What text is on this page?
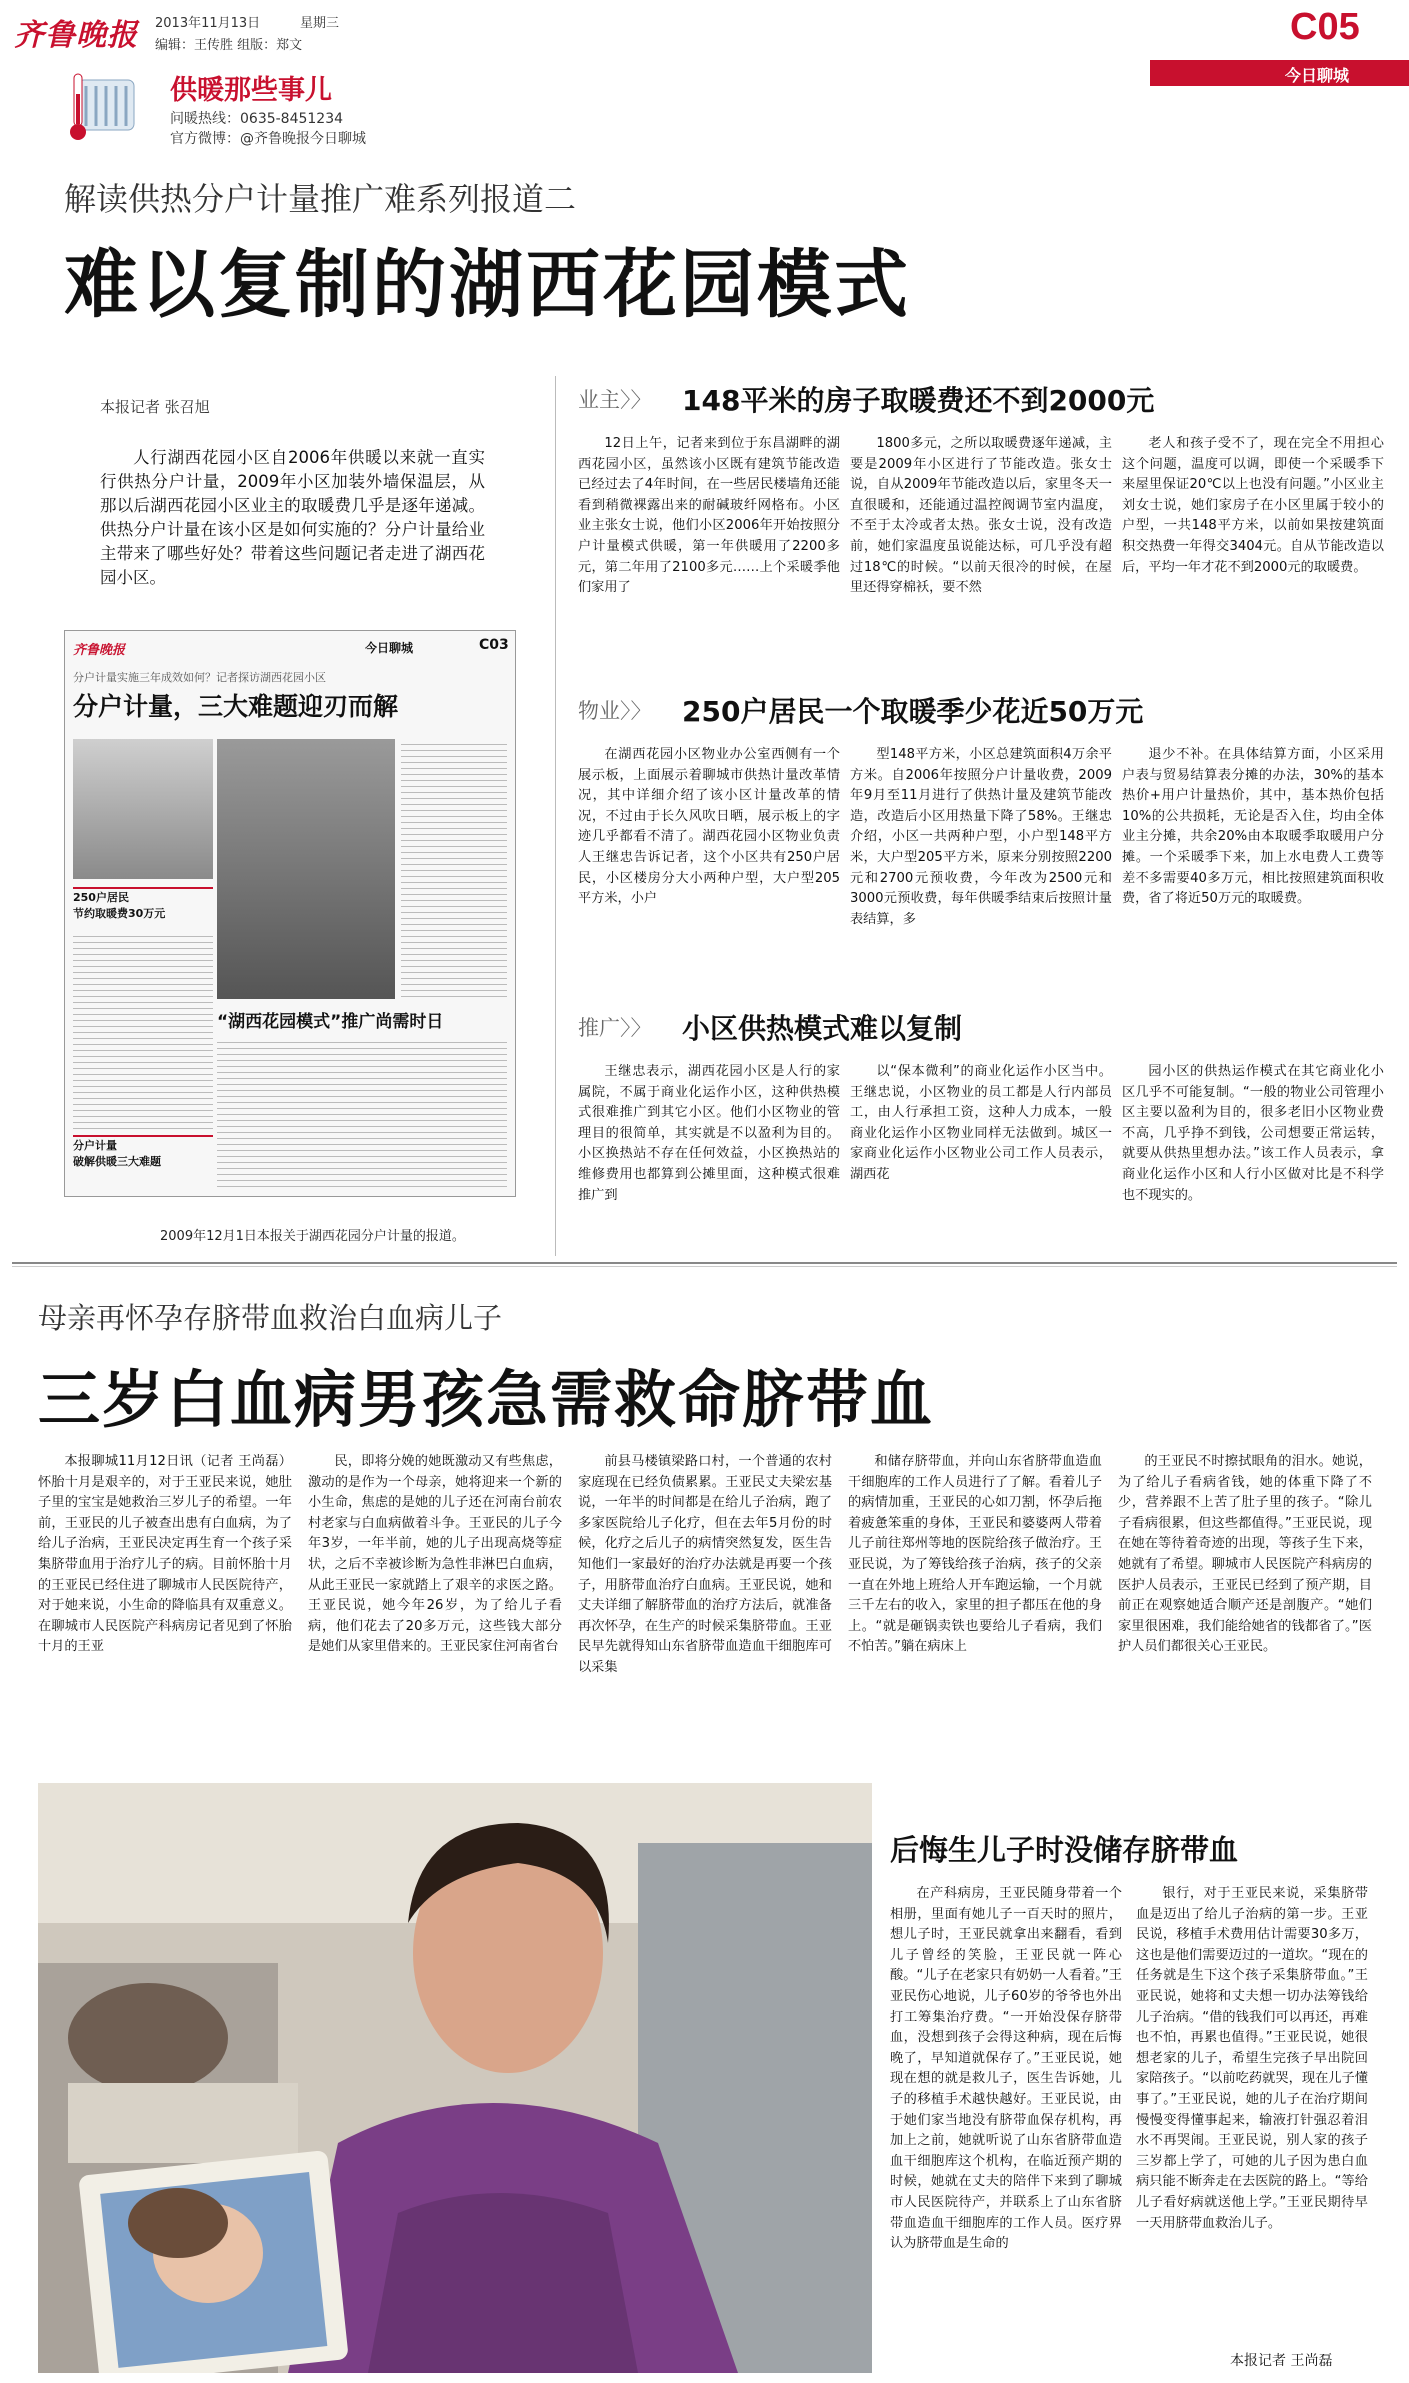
齐鲁晚报 2013年11月13日	星期三
编辑：王传胜 组版：郑文	C05
今日聊城
供暖那些事儿
问暖热线：0635-8451234
官方微博：@齐鲁晚报今日聊城
解读供热分户计量推广难系列报道二
难以复制的湖西花园模式
本报记者 张召旭
人行湖西花园小区自2006年供暖以来就一直实行供热分户计量，2009年小区加装外墙保温层，从那以后湖西花园小区业主的取暖费几乎是逐年递减。供热分户计量在该小区是如何实施的？分户计量给业主带来了哪些好处？带着这些问题记者走进了湖西花园小区。
齐鲁晚报	今日聊城	C03
分户计量实施三年成效如何？记者探访湖西花园小区
分户计量，三大难题迎刃而解
250户居民
节约取暖费30万元
“湖西花园模式”推广尚需时日
分户计量
破解供暖三大难题
2009年12月1日本报关于湖西花园分户计量的报道。
业主〉〉 148平米的房子取暖费还不到2000元
12日上午，记者来到位于东昌湖畔的湖西花园小区，虽然该小区既有建筑节能改造已经过去了4年时间，在一些居民楼墙角还能看到稍微裸露出来的耐碱玻纤网格布。小区业主张女士说，他们小区2006年开始按照分户计量模式供暖，第一年供暖用了2200多元，第二年用了2100多元……上个采暖季他们家用了
1800多元，之所以取暖费逐年递减，主要是2009年小区进行了节能改造。张女士说，自从2009年节能改造以后，家里冬天一直很暖和，还能通过温控阀调节室内温度，不至于太冷或者太热。张女士说，没有改造前，她们家温度虽说能达标，可几乎没有超过18℃的时候。“以前天很冷的时候，在屋里还得穿棉袄，要不然
老人和孩子受不了，现在完全不用担心这个问题，温度可以调，即使一个采暖季下来屋里保证20℃以上也没有问题。”小区业主刘女士说，她们家房子在小区里属于较小的户型，一共148平方米，以前如果按建筑面积交热费一年得交3404元。自从节能改造以后，平均一年才花不到2000元的取暖费。
物业〉〉 250户居民一个取暖季少花近50万元
在湖西花园小区物业办公室西侧有一个展示板，上面展示着聊城市供热计量改革情况，其中详细介绍了该小区计量改革的情况，不过由于长久风吹日晒，展示板上的字迹几乎都看不清了。湖西花园小区物业负责人王继忠告诉记者，这个小区共有250户居民，小区楼房分大小两种户型，大户型205平方米，小户
型148平方米，小区总建筑面积4万余平方米。自2006年按照分户计量收费，2009年9月至11月进行了供热计量及建筑节能改造，改造后小区用热量下降了58%。王继忠介绍，小区一共两种户型，小户型148平方米，大户型205平方米，原来分别按照2200元和2700元预收费，今年改为2500元和3000元预收费，每年供暖季结束后按照计量表结算，多
退少不补。在具体结算方面，小区采用户表与贸易结算表分摊的办法，30%的基本热价+用户计量热价，其中，基本热价包括10%的公共损耗，无论是否入住，均由全体业主分摊，共余20%由本取暖季取暖用户分摊。一个采暖季下来，加上水电费人工费等差不多需要40多万元，相比按照建筑面积收费，省了将近50万元的取暖费。
推广〉〉 小区供热模式难以复制
王继忠表示，湖西花园小区是人行的家属院，不属于商业化运作小区，这种供热模式很难推广到其它小区。他们小区物业的管理目的很简单，其实就是不以盈利为目的。小区换热站不存在任何效益，小区换热站的维修费用也都算到公摊里面，这种模式很难推广到
以“保本微利”的商业化运作小区当中。王继忠说，小区物业的员工都是人行内部员工，由人行承担工资，这种人力成本，一般商业化运作小区物业同样无法做到。城区一家商业化运作小区物业公司工作人员表示，湖西花
园小区的供热运作模式在其它商业化小区几乎不可能复制。“一般的物业公司管理小区主要以盈利为目的，很多老旧小区物业费不高，几乎挣不到钱，公司想要正常运转，就要从供热里想办法。”该工作人员表示，拿商业化运作小区和人行小区做对比是不科学也不现实的。
母亲再怀孕存脐带血救治白血病儿子
三岁白血病男孩急需救命脐带血
本报聊城11月12日讯（记者 王尚磊） 怀胎十月是艰辛的，对于王亚民来说，她肚子里的宝宝是她救治三岁儿子的希望。一年前，王亚民的儿子被查出患有白血病，为了给儿子治病，王亚民决定再生育一个孩子采集脐带血用于治疗儿子的病。目前怀胎十月的王亚民已经住进了聊城市人民医院待产，对于她来说，小生命的降临具有双重意义。在聊城市人民医院产科病房记者见到了怀胎十月的王亚
民，即将分娩的她既激动又有些焦虑，激动的是作为一个母亲，她将迎来一个新的小生命，焦虑的是她的儿子还在河南台前农村老家与白血病做着斗争。王亚民的儿子今年3岁，一年半前，她的儿子出现高烧等症状，之后不幸被诊断为急性非淋巴白血病，从此王亚民一家就踏上了艰辛的求医之路。王亚民说，她今年26岁，为了给儿子看病，他们花去了20多万元，这些钱大部分是她们从家里借来的。王亚民家住河南省台
前县马楼镇梁路口村，一个普通的农村家庭现在已经负债累累。王亚民丈夫梁宏基说，一年半的时间都是在给儿子治病，跑了多家医院给儿子化疗，但在去年5月份的时候，化疗之后儿子的病情突然复发，医生告知他们一家最好的治疗办法就是再要一个孩子，用脐带血治疗白血病。王亚民说，她和丈夫详细了解脐带血的治疗方法后，就准备再次怀孕，在生产的时候采集脐带血。王亚民早先就得知山东省脐带血造血干细胞库可以采集
和储存脐带血，并向山东省脐带血造血干细胞库的工作人员进行了了解。看着儿子的病情加重，王亚民的心如刀割，怀孕后拖着疲惫笨重的身体，王亚民和婆婆两人带着儿子前往郑州等地的医院给孩子做治疗。王亚民说，为了筹钱给孩子治病，孩子的父亲一直在外地上班给人开车跑运输，一个月就三千左右的收入，家里的担子都压在他的身上。“就是砸锅卖铁也要给儿子看病，我们不怕苦。”躺在病床上
的王亚民不时擦拭眼角的泪水。她说，为了给儿子看病省钱，她的体重下降了不少，营养跟不上苦了肚子里的孩子。“除儿子看病很累，但这些都值得。”王亚民说，现在她在等待着奇迹的出现，等孩子生下来，她就有了希望。聊城市人民医院产科病房的医护人员表示，王亚民已经到了预产期，目前正在观察她适合顺产还是剖腹产。“她们家里很困难，我们能给她省的钱都省了。”医护人员们都很关心王亚民。
后悔生儿子时没储存脐带血
在产科病房，王亚民随身带着一个相册，里面有她儿子一百天时的照片，想儿子时，王亚民就拿出来翻看，看到儿子曾经的笑脸，王亚民就一阵心酸。“儿子在老家只有奶奶一人看着。”王亚民伤心地说，儿子60岁的爷爷也外出打工筹集治疗费。“一开始没保存脐带血，没想到孩子会得这种病，现在后悔晚了，早知道就保存了。”王亚民说，她现在想的就是救儿子，医生告诉她，儿子的移植手术越快越好。王亚民说，由于她们家当地没有脐带血保存机构，再加上之前，她就听说了山东省脐带血造血干细胞库这个机构，在临近预产期的时候，她就在丈夫的陪伴下来到了聊城市人民医院待产，并联系上了山东省脐带血造血干细胞库的工作人员。医疗界认为脐带血是生命的
银行，对于王亚民来说，采集脐带血是迈出了给儿子治病的第一步。王亚民说，移植手术费用估计需要30多万，这也是他们需要迈过的一道坎。“现在的任务就是生下这个孩子采集脐带血。”王亚民说，她将和丈夫想一切办法筹钱给儿子治病。“借的钱我们可以再还，再难也不怕，再累也值得。”王亚民说，她很想老家的儿子，希望生完孩子早出院回家陪孩子。“以前吃药就哭，现在儿子懂事了。”王亚民说，她的儿子在治疗期间慢慢变得懂事起来，输液打针强忍着泪水不再哭闹。王亚民说，别人家的孩子三岁都上学了，可她的儿子因为患白血病只能不断奔走在去医院的路上。“等给儿子看好病就送他上学。”王亚民期待早一天用脐带血救治儿子。
本报记者 王尚磊
